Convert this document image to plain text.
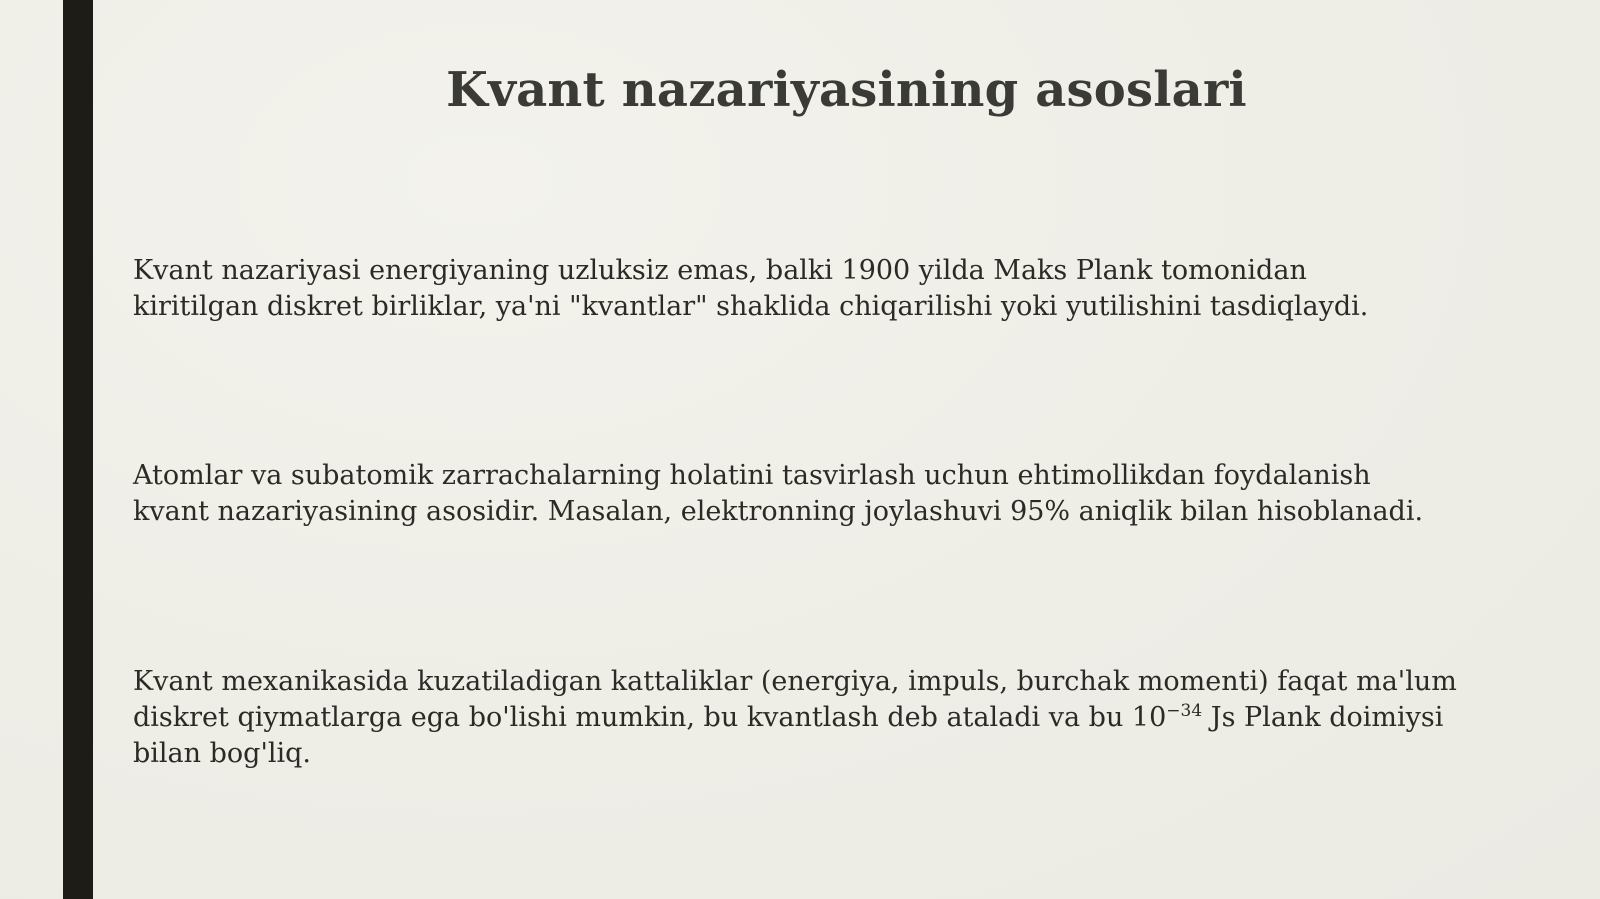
Kvant nazariyasining asoslari

Kvant nazariyasi energiyaning uzluksiz emas, balki 1900 yilda Maks Plank tomonidan
kiritilgan diskret birliklar, ya'ni "kvantlar" shaklida chiqarilishi yoki yutilishini tasdiqlaydi.

Atomlar va subatomik zarrachalarning holatini tasvirlash uchun ehtimollikdan foydalanish
kvant nazariyasining asosidir. Masalan, elektronning joylashuvi 95% aniqlik bilan hisoblanadi.

Kvant mexanikasida kuzatiladigan kattaliklar (energiya, impuls, burchak momenti) faqat ma'lum
diskret qiymatlarga ega bo'lishi mumkin, bu kvantlash deb ataladi va bu $10^{-34}$ Js Plank doimiysi
bilan bog'liq.
